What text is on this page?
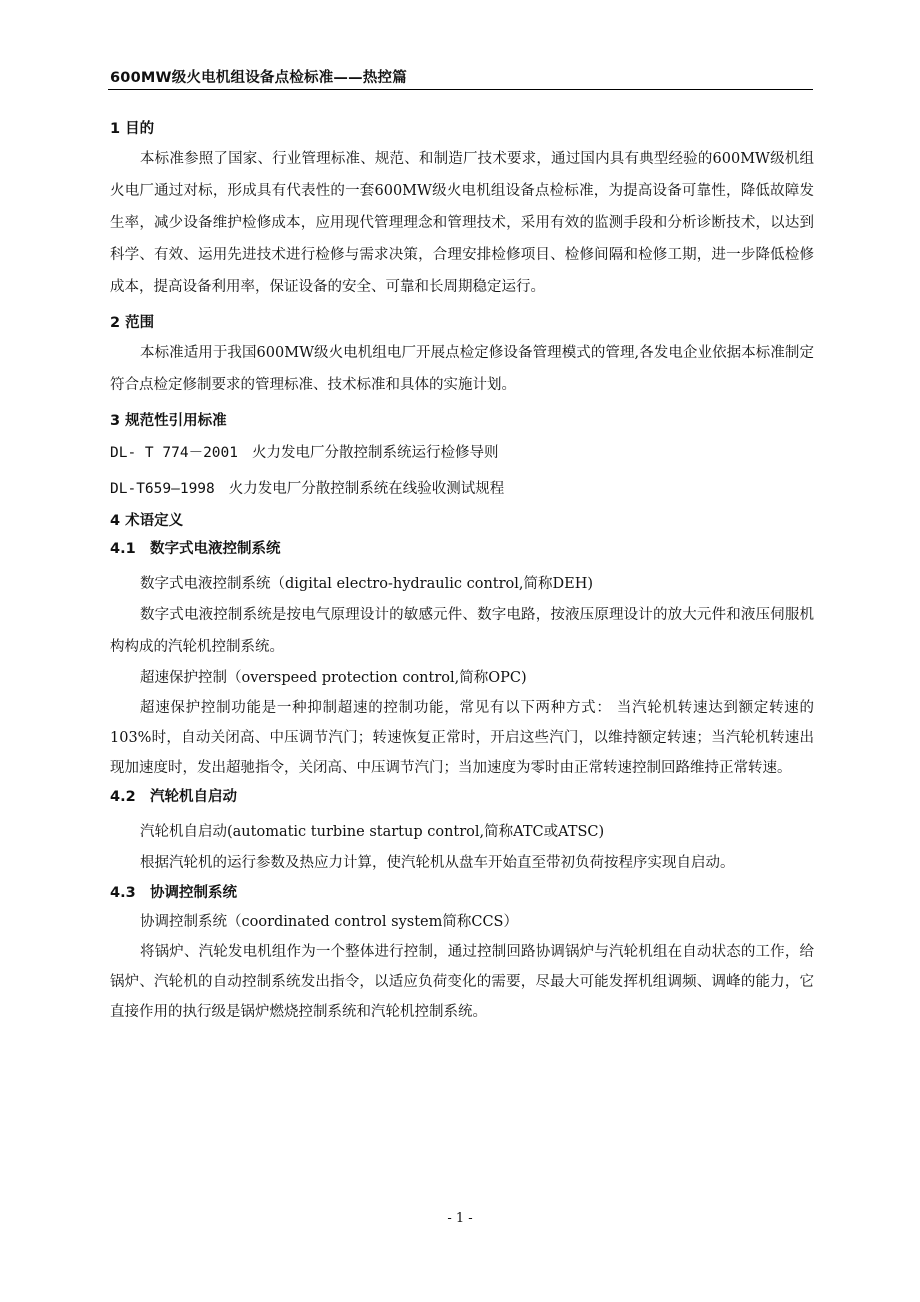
600MW级火电机组设备点检标准——热控篇
1 目的

本标准参照了国家、行业管理标准、规范、和制造厂技术要求，通过国内具有典型经验的600MW级机组火电厂通过对标，形成具有代表性的一套600MW级火电机组设备点检标准，为提高设备可靠性，降低故障发生率，减少设备维护检修成本，应用现代管理理念和管理技术，采用有效的监测手段和分析诊断技术，以达到科学、有效、运用先进技术进行检修与需求决策，合理安排检修项目、检修间隔和检修工期，进一步降低检修成本，提高设备利用率，保证设备的安全、可靠和长周期稳定运行。

2 范围

本标准适用于我国600MW级火电机组电厂开展点检定修设备管理模式的管理,各发电企业依据本标准制定符合点检定修制要求的管理标准、技术标准和具体的实施计划。

3 规范性引用标准

DL- T 774－2001 火力发电厂分散控制系统运行检修导则

DL-T659—1998 火力发电厂分散控制系统在线验收测试规程

4 术语定义
4.1 数字式电液控制系统

数字式电液控制系统（digital electro-hydraulic control,简称DEH)

数字式电液控制系统是按电气原理设计的敏感元件、数字电路，按液压原理设计的放大元件和液压伺服机构构成的汽轮机控制系统。

超速保护控制（overspeed protection control,简称OPC)

超速保护控制功能是一种抑制超速的控制功能，常见有以下两种方式： 当汽轮机转速达到额定转速的103%时，自动关闭高、中压调节汽门；转速恢复正常时，开启这些汽门，以维持额定转速；当汽轮机转速出现加速度时，发出超驰指令，关闭高、中压调节汽门；当加速度为零时由正常转速控制回路维持正常转速。

4.2 汽轮机自启动

汽轮机自启动(automatic turbine startup control,简称ATC或ATSC)

根据汽轮机的运行参数及热应力计算，使汽轮机从盘车开始直至带初负荷按程序实现自启动。

4.3 协调控制系统

协调控制系统（coordinated control system简称CCS）

将锅炉、汽轮发电机组作为一个整体进行控制，通过控制回路协调锅炉与汽轮机组在自动状态的工作，给锅炉、汽轮机的自动控制系统发出指令，以适应负荷变化的需要，尽最大可能发挥机组调频、调峰的能力，它直接作用的执行级是锅炉燃烧控制系统和汽轮机控制系统。

- 1 -
